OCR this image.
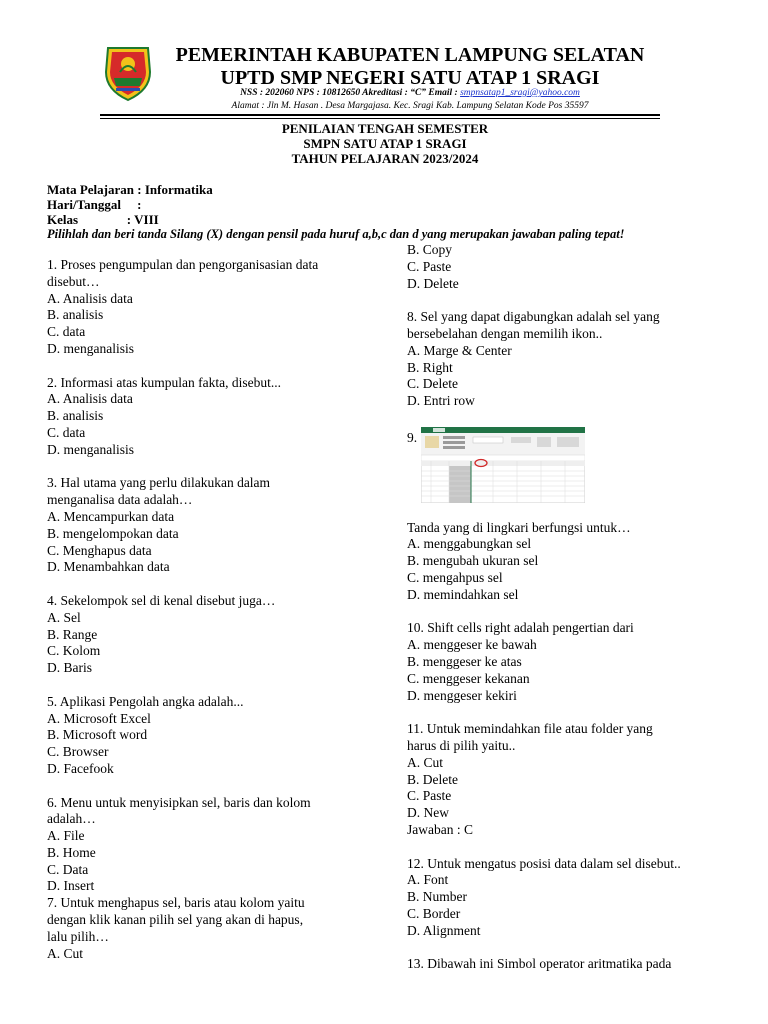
PEMERINTAH KABUPATEN LAMPUNG SELATAN
UPTD SMP NEGERI SATU ATAP 1 SRAGI
NSS : 202060 NPS : 10812650 Akreditasi : “C” Email : smpnsatap1_sragi@yahoo.com
Alamat : Jln M. Hasan . Desa Margajasa. Kec. Sragi Kab. Lampung Selatan Kode Pos 35597
PENILAIAN TENGAH SEMESTER
SMPN SATU ATAP 1 SRAGI
TAHUN PELAJARAN 2023/2024
Mata Pelajaran : Informatika
Hari/Tanggal     :
Kelas               : VIII
Pilihlah dan beri tanda Silang (X) dengan pensil pada huruf a,b,c dan d yang merupakan jawaban paling tepat!
1. Proses pengumpulan dan pengorganisasian data
disebut…
A. Analisis data
B. analisis
C. data
D. menganalisis
2. Informasi atas kumpulan fakta, disebut...
A. Analisis data
B. analisis
C. data
D. menganalisis
3. Hal utama yang perlu dilakukan dalam
menganalisa data adalah…
A. Mencampurkan data
B. mengelompokan data
C. Menghapus data
D. Menambahkan data
4. Sekelompok sel di kenal disebut juga…
A. Sel
B. Range
C. Kolom
D. Baris
5. Aplikasi Pengolah angka adalah...
A. Microsoft Excel
B. Microsoft word
C. Browser
D. Facefook
6. Menu untuk menyisipkan sel, baris dan kolom
adalah…
A. File
B. Home
C. Data
D. Insert
7. Untuk menghapus sel, baris atau kolom yaitu
dengan klik kanan pilih sel yang akan di hapus,
lalu pilih…
A. Cut
B. Copy
C. Paste
D. Delete
8. Sel yang dapat digabungkan adalah sel yang
bersebelahan dengan memilih ikon..
A. Marge & Center
B. Right
C. Delete
D. Entri row
9.
Tanda yang di lingkari berfungsi untuk…
A. menggabungkan sel
B. mengubah ukuran sel
C. mengahpus sel
D. memindahkan sel
10. Shift cells right adalah pengertian dari
A. menggeser ke bawah
B. menggeser ke atas
C. menggeser kekanan
D. menggeser kekiri
11. Untuk memindahkan file atau folder yang
harus di pilih yaitu..
A. Cut
B. Delete
C. Paste
D. New
Jawaban : C
12. Untuk mengatus posisi data dalam sel disebut..
A. Font
B. Number
C. Border
D. Alignment
13. Dibawah ini Simbol operator aritmatika pada
